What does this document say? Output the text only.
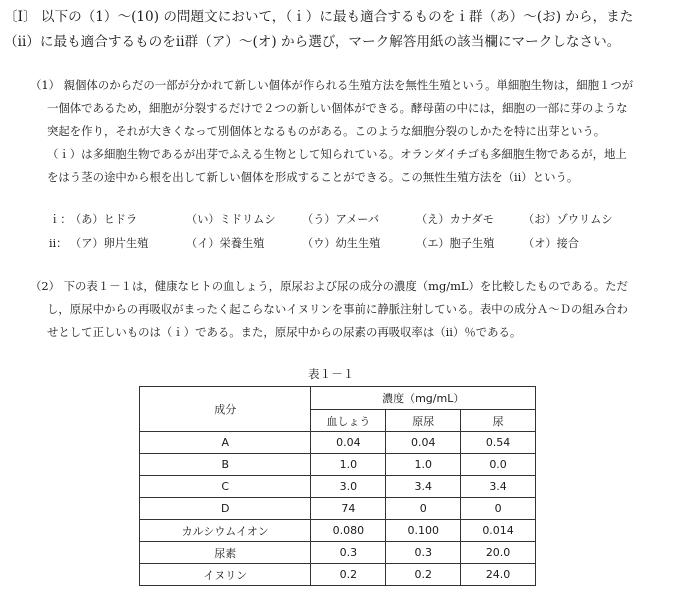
〔Ⅰ〕 以下の（1）～(10) の問題文において，（ｉ）に最も適合するものをｉ群（あ）～(お) から，また
（ⅱ）に最も適合するものをⅱ群（ア）～(オ) から選び，マーク解答用紙の該当欄にマークしなさい。
（1） 親個体のからだの一部が分かれて新しい個体が作られる生殖方法を無性生殖という。単細胞生物は，細胞１つが
一個体であるため，細胞が分裂するだけで２つの新しい個体ができる。酵母菌の中には，細胞の一部に芽のような
突起を作り，それが大きくなって別個体となるものがある。このような細胞分裂のしかたを特に出芽という。
（ｉ）は多細胞生物であるが出芽でふえる生物として知られている。オランダイチゴも多細胞生物であるが，地上
をはう茎の途中から根を出して新しい個体を形成することができる。この無性生殖方法を（ⅱ）という。
ｉ：
（あ）ヒドラ	（い）ミドリムシ （う）アメーバ	（え）カナダモ	（お）ゾウリムシ
ⅱ： （ア）卵片生殖	（イ）栄養生殖	（ウ）幼生生殖	（エ）胞子生殖	（オ）接合
（2） 下の表１－１は，健康なヒトの血しょう，原尿および尿の成分の濃度（mg/mL）を比較したものである。ただ
し，原尿中からの再吸収がまったく起こらないイヌリンを事前に静脈注射している。表中の成分Ａ～Ｄの組み合わ
せとして正しいものは（ｉ）である。また，原尿中からの尿素の再吸収率は（ⅱ）％である。
表１－１
成分	濃度（mg/mL）		
	血しょう	原尿	尿
A	0.04	0.04	0.54
B	1.0	1.0	0.0
C	3.0	3.4	3.4
D	74	0	0
カルシウムイオン	0.080	0.100	0.014
尿素	0.3	0.3	20.0
イヌリン	0.2	0.2	24.0
